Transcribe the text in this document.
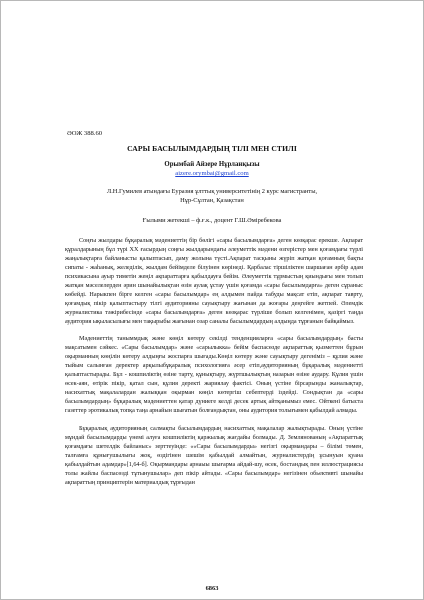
ӘОЖ 388.60
САРЫ БАСЫЛЫМДАРДЫҢ ТІЛІ МЕН СТИЛІ
Орымбай Айзере Нұрланқызы
aizere.orymbai@gmail.com
Л.Н.Гумилев атындағы Еуразия ұлттық университетінің 2 курс магистранты,
Нұр-Сұлтан, Қазақстан
Ғылыми жетекші – ф.ғ.к., доцент Г.Ш.Әміребекова

Соңғы жылдары бұқаралық мәдениеттің бір бөлігі «сары басылымдарға» деген көзқарас ерекше. Ақпарат құралдарының бұл түрі ХХ ғасырдың соңғы жылдарындағы әлеуметтік мәдени өзгерістер мен қоғамдағы түрлі жаңалықтарға байланысты қалыптасып, даму жолына түсті.Ақпарат тасқыны жүріп жатқан қоғамның бақты сипаты - жаһанық, желеділік, жылдам бейімделе білуінен көрінеді. Қарбалас тіршіліктен шаршаған әрбір адам психикасына ауыр тиметін жеңіл ақпараттарға қабылдауға бейім. Әлеуметтік тұрмыстың қиындығы мен толып жатқан мәселелерден әрин шынайылықтан өзін аулақ ұстау үшін қоғамда «сары басылымдарға» деген сұраныс көбейді. Нарыкпен бірге келген «сары басылымдар» ең алдымен пайда табуды мақсат етіп, ақпарат таврту, қоғамдық пікір қалыптастыру тілгі аудиторияны сауықтыру жағынан да жоғары деңгейге жетпей. Әлемдік журналистика тәжірибесінде «сары басылымдарға» деген көзқарас түрліше болып келгенімен, қазіргі таңда аудитория ықыласылығы мен тақырыбы жағынан озар саналы басылымдардың алдыңда тұрғанын байқаймыз.

Мәдениеттің таныммдық және көңіл көтеру секілді тенденцияларға «сары басылымдардың» басты мақсатымен сәйкес. «Сары басылымдар» және «сарылыкка» бейім баспасөзде ақпараттық қызметтен бұрын оқырманның көңілін көтеру алдыңғы жоспарға шығады.Көңіл көтеру және сауықтыру дегеніміз – құлия және тыйым салынған деректер арқылыбұқаралық психологияға әсер етіп,аудиторияның бұқаралық мәдениетті қалыптастырады. Бұл - кошпиліктің өзіне тарту, құнықтыру, жүртшылықтың назарын өзіне аудару. Құлия үшін өсек-аян, өтірік пікір, қатал сын, құлия деректі жариялау фактісі. Оның үстіне бірсарынды жаналықтар, насихаттық мақалалардан жалыққан оқырман көңіл көтергіш себептерді іздейді. Сондықтан да «сары басылымдардың» бұқаралық мәдениеттен қатар дүниеге келді десек артық айтқанымыз емес. Ойткені батыста газеттер эротикалық топқа таңа арнайын шығатын болғандықтан, оны аудитория толығымен қабылдай алмады.

Бұқаралық аудиторияның салмақты басылымдардың насихаттық мақалалар жалықтырады. Оның үстіне мұндай басылымдарды үнемі алуға кошпиліктің қаржылық жағдайы болмады. Д. Землянованың «Ақпараттық қоғамдағы шетелдік байланыс» зерттеуінде: ««Сары басылымдарды» негізгі оқырмандары – білімі төмен, талғамға құнығушылығы жоқ, өздігінен шешім қабылдай алмайтын, журналистердің ұсынуын қуана қабылдайтын адамдар»[1,64-б]. Оқырмандары арнаыы шығарма айдай-шу, өсек, бостандық пен иллюстрациясы толы жайлы баспасөзді тұтынушылар» деп пікір айтады. «Сары басылымдар» негізінен обьективті шынайы ақпараттың принциптерін материалдық тұрғыдан

6863
